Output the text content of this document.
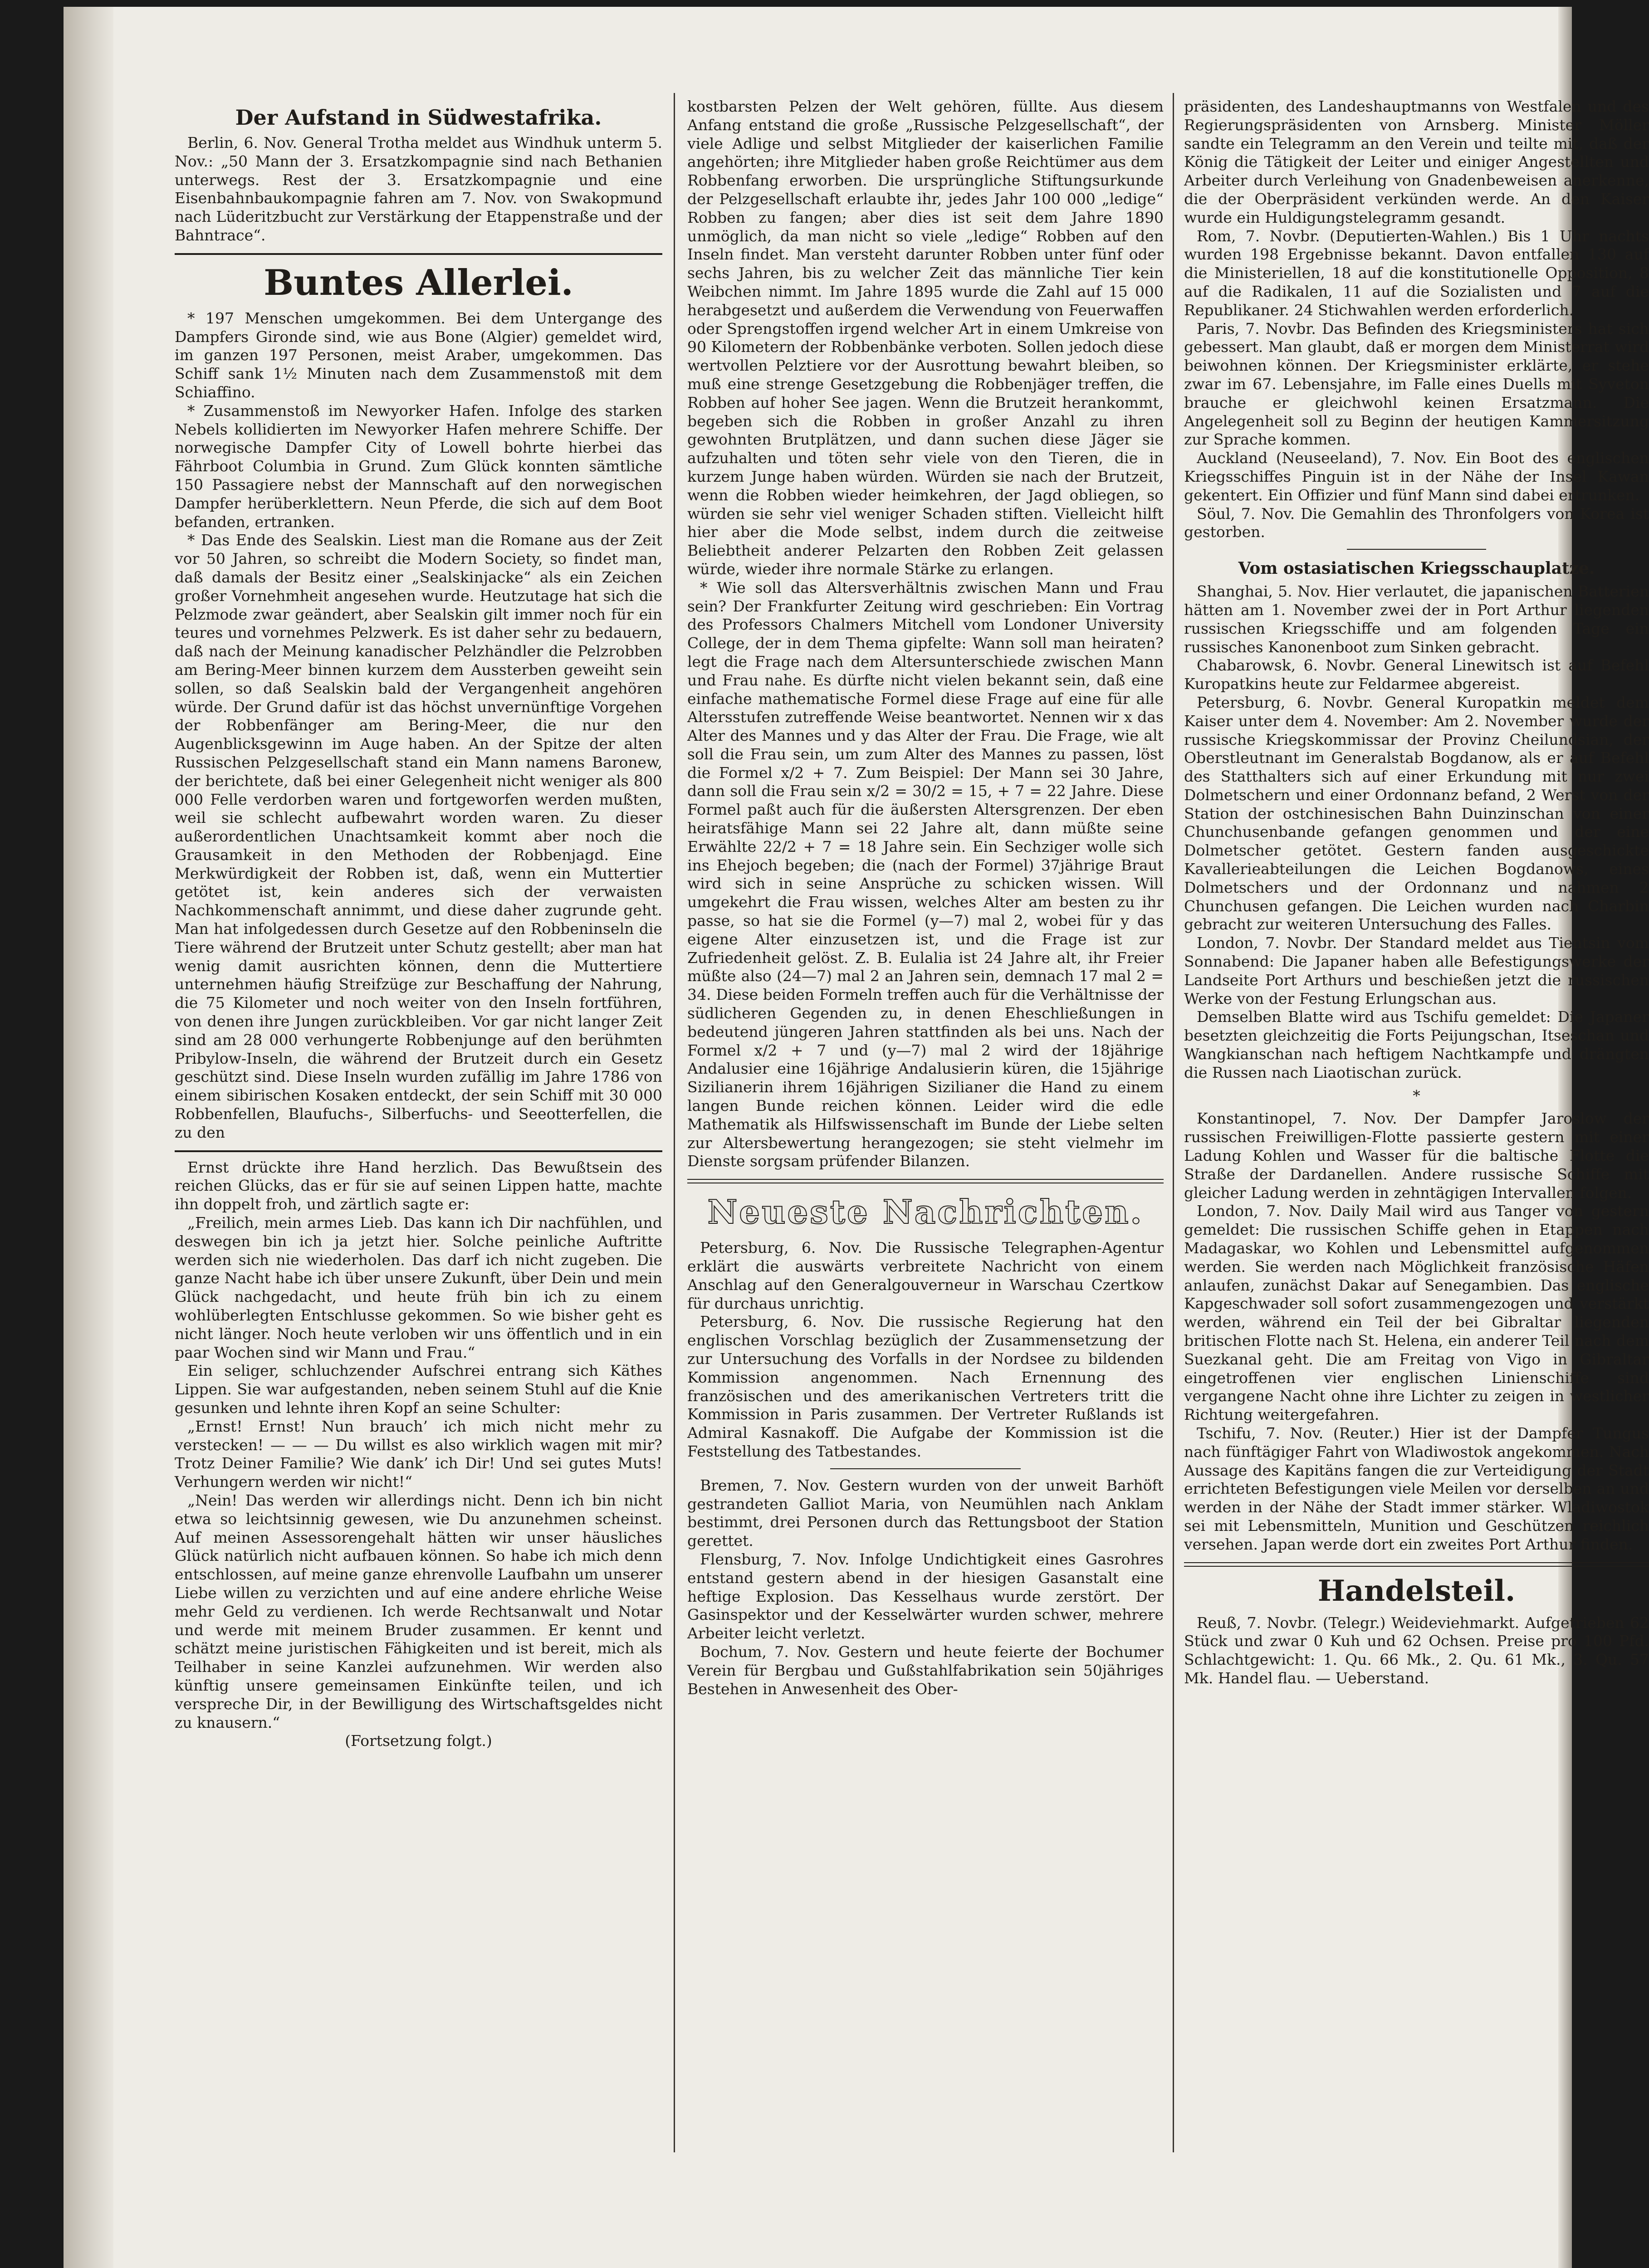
Der Aufstand in Südwestafrika.

Berlin, 6. Nov. General Trotha meldet aus Windhuk unterm 5. Nov.: „50 Mann der 3. Ersatzkompagnie sind nach Bethanien unterwegs. Rest der 3. Ersatzkompagnie und eine Eisenbahnbaukompagnie fahren am 7. Nov. von Swakopmund nach Lüderitzbucht zur Verstärkung der Etappenstraße und der Bahntrace“.

Buntes Allerlei.

* 197 Menschen umgekommen. Bei dem Untergange des Dampfers Gironde sind, wie aus Bone (Algier) gemeldet wird, im ganzen 197 Personen, meist Araber, umgekommen. Das Schiff sank 1½ Minuten nach dem Zusammenstoß mit dem Schiaffino.

* Zusammenstoß im Newyorker Hafen. Infolge des starken Nebels kollidierten im Newyorker Hafen mehrere Schiffe. Der norwegische Dampfer City of Lowell bohrte hierbei das Fährboot Columbia in Grund. Zum Glück konnten sämtliche 150 Passagiere nebst der Mannschaft auf den norwegischen Dampfer herüberklettern. Neun Pferde, die sich auf dem Boot befanden, ertranken.

* Das Ende des Sealskin. Liest man die Romane aus der Zeit vor 50 Jahren, so schreibt die Modern Society, so findet man, daß damals der Besitz einer „Sealskinjacke“ als ein Zeichen großer Vornehmheit angesehen wurde. Heutzutage hat sich die Pelzmode zwar geändert, aber Sealskin gilt immer noch für ein teures und vornehmes Pelzwerk. Es ist daher sehr zu bedauern, daß nach der Meinung kanadischer Pelzhändler die Pelzrobben am Bering-Meer binnen kurzem dem Aussterben geweiht sein sollen, so daß Sealskin bald der Vergangenheit angehören würde. Der Grund dafür ist das höchst unvernünftige Vorgehen der Robbenfänger am Bering-Meer, die nur den Augenblicksgewinn im Auge haben. An der Spitze der alten Russischen Pelzgesellschaft stand ein Mann namens Baronew, der berichtete, daß bei einer Gelegenheit nicht weniger als 800 000 Felle verdorben waren und fortgeworfen werden mußten, weil sie schlecht aufbewahrt worden waren. Zu dieser außerordentlichen Unachtsamkeit kommt aber noch die Grausamkeit in den Methoden der Robbenjagd. Eine Merkwürdigkeit der Robben ist, daß, wenn ein Muttertier getötet ist, kein anderes sich der verwaisten Nachkommenschaft annimmt, und diese daher zugrunde geht. Man hat infolgedessen durch Gesetze auf den Robbeninseln die Tiere während der Brutzeit unter Schutz gestellt; aber man hat wenig damit ausrichten können, denn die Muttertiere unternehmen häufig Streifzüge zur Beschaffung der Nahrung, die 75 Kilometer und noch weiter von den Inseln fortführen, von denen ihre Jungen zurückbleiben. Vor gar nicht langer Zeit sind am 28 000 verhungerte Robbenjunge auf den berühmten Pribylow-Inseln, die während der Brutzeit durch ein Gesetz geschützt sind. Diese Inseln wurden zufällig im Jahre 1786 von einem sibirischen Kosaken entdeckt, der sein Schiff mit 30 000 Robbenfellen, Blaufuchs-, Silberfuchs- und Seeotterfellen, die zu den

Ernst drückte ihre Hand herzlich. Das Bewußtsein des reichen Glücks, das er für sie auf seinen Lippen hatte, machte ihn doppelt froh, und zärtlich sagte er:

„Freilich, mein armes Lieb. Das kann ich Dir nachfühlen, und deswegen bin ich ja jetzt hier. Solche peinliche Auftritte werden sich nie wiederholen. Das darf ich nicht zugeben. Die ganze Nacht habe ich über unsere Zukunft, über Dein und mein Glück nachgedacht, und heute früh bin ich zu einem wohlüberlegten Entschlusse gekommen. So wie bisher geht es nicht länger. Noch heute verloben wir uns öffentlich und in ein paar Wochen sind wir Mann und Frau.“

Ein seliger, schluchzender Aufschrei entrang sich Käthes Lippen. Sie war aufgestanden, neben seinem Stuhl auf die Knie gesunken und lehnte ihren Kopf an seine Schulter:

„Ernst! Ernst! Nun brauch’ ich mich nicht mehr zu verstecken! — — — Du willst es also wirklich wagen mit mir? Trotz Deiner Familie? Wie dank’ ich Dir! Und sei gutes Muts! Verhungern werden wir nicht!“

„Nein! Das werden wir allerdings nicht. Denn ich bin nicht etwa so leichtsinnig gewesen, wie Du anzunehmen scheinst. Auf meinen Assessorengehalt hätten wir unser häusliches Glück natürlich nicht aufbauen können. So habe ich mich denn entschlossen, auf meine ganze ehrenvolle Laufbahn um unserer Liebe willen zu verzichten und auf eine andere ehrliche Weise mehr Geld zu verdienen. Ich werde Rechtsanwalt und Notar und werde mit meinem Bruder zusammen. Er kennt und schätzt meine juristischen Fähigkeiten und ist bereit, mich als Teilhaber in seine Kanzlei aufzunehmen. Wir werden also künftig unsere gemeinsamen Einkünfte teilen, und ich verspreche Dir, in der Bewilligung des Wirtschaftsgeldes nicht zu knausern.“

(Fortsetzung folgt.)

kostbarsten Pelzen der Welt gehören, füllte. Aus diesem Anfang entstand die große „Russische Pelzgesellschaft“, der viele Adlige und selbst Mitglieder der kaiserlichen Familie angehörten; ihre Mitglieder haben große Reichtümer aus dem Robbenfang erworben. Die ursprüngliche Stiftungsurkunde der Pelzgesellschaft erlaubte ihr, jedes Jahr 100 000 „ledige“ Robben zu fangen; aber dies ist seit dem Jahre 1890 unmöglich, da man nicht so viele „ledige“ Robben auf den Inseln findet. Man versteht darunter Robben unter fünf oder sechs Jahren, bis zu welcher Zeit das männliche Tier kein Weibchen nimmt. Im Jahre 1895 wurde die Zahl auf 15 000 herabgesetzt und außerdem die Verwendung von Feuerwaffen oder Sprengstoffen irgend welcher Art in einem Umkreise von 90 Kilometern der Robbenbänke verboten. Sollen jedoch diese wertvollen Pelztiere vor der Ausrottung bewahrt bleiben, so muß eine strenge Gesetzgebung die Robbenjäger treffen, die Robben auf hoher See jagen. Wenn die Brutzeit herankommt, begeben sich die Robben in großer Anzahl zu ihren gewohnten Brutplätzen, und dann suchen diese Jäger sie aufzuhalten und töten sehr viele von den Tieren, die in kurzem Junge haben würden. Würden sie nach der Brutzeit, wenn die Robben wieder heimkehren, der Jagd obliegen, so würden sie sehr viel weniger Schaden stiften. Vielleicht hilft hier aber die Mode selbst, indem durch die zeitweise Beliebtheit anderer Pelzarten den Robben Zeit gelassen würde, wieder ihre normale Stärke zu erlangen.

* Wie soll das Altersverhältnis zwischen Mann und Frau sein? Der Frankfurter Zeitung wird geschrieben: Ein Vortrag des Professors Chalmers Mitchell vom Londoner University College, der in dem Thema gipfelte: Wann soll man heiraten? legt die Frage nach dem Altersunterschiede zwischen Mann und Frau nahe. Es dürfte nicht vielen bekannt sein, daß eine einfache mathematische Formel diese Frage auf eine für alle Altersstufen zutreffende Weise beantwortet. Nennen wir x das Alter des Mannes und y das Alter der Frau. Die Frage, wie alt soll die Frau sein, um zum Alter des Mannes zu passen, löst die Formel x/2 + 7. Zum Beispiel: Der Mann sei 30 Jahre, dann soll die Frau sein x/2 = 30/2 = 15, + 7 = 22 Jahre. Diese Formel paßt auch für die äußersten Altersgrenzen. Der eben heiratsfähige Mann sei 22 Jahre alt, dann müßte seine Erwählte 22/2 + 7 = 18 Jahre sein. Ein Sechziger wolle sich ins Ehejoch begeben; die (nach der Formel) 37jährige Braut wird sich in seine Ansprüche zu schicken wissen. Will umgekehrt die Frau wissen, welches Alter am besten zu ihr passe, so hat sie die Formel (y—7) mal 2, wobei für y das eigene Alter einzusetzen ist, und die Frage ist zur Zufriedenheit gelöst. Z. B. Eulalia ist 24 Jahre alt, ihr Freier müßte also (24—7) mal 2 an Jahren sein, demnach 17 mal 2 = 34. Diese beiden Formeln treffen auch für die Verhältnisse der südlicheren Gegenden zu, in denen Eheschließungen in bedeutend jüngeren Jahren stattfinden als bei uns. Nach der Formel x/2 + 7 und (y—7) mal 2 wird der 18jährige Andalusier eine 16jährige Andalusierin küren, die 15jährige Sizilianerin ihrem 16jährigen Sizilianer die Hand zu einem langen Bunde reichen können. Leider wird die edle Mathematik als Hilfswissenschaft im Bunde der Liebe selten zur Altersbewertung herangezogen; sie steht vielmehr im Dienste sorgsam prüfender Bilanzen.

Neueste Nachrichten.

Petersburg, 6. Nov. Die Russische Telegraphen-Agentur erklärt die auswärts verbreitete Nachricht von einem Anschlag auf den Generalgouverneur in Warschau Czertkow für durchaus unrichtig.

Petersburg, 6. Nov. Die russische Regierung hat den englischen Vorschlag bezüglich der Zusammensetzung der zur Untersuchung des Vorfalls in der Nordsee zu bildenden Kommission angenommen. Nach Ernennung des französischen und des amerikanischen Vertreters tritt die Kommission in Paris zusammen. Der Vertreter Rußlands ist Admiral Kasnakoff. Die Aufgabe der Kommission ist die Feststellung des Tatbestandes.

Bremen, 7. Nov. Gestern wurden von der unweit Barhöft gestrandeten Galliot Maria, von Neumühlen nach Anklam bestimmt, drei Personen durch das Rettungsboot der Station gerettet.

Flensburg, 7. Nov. Infolge Undichtigkeit eines Gasrohres entstand gestern abend in der hiesigen Gasanstalt eine heftige Explosion. Das Kesselhaus wurde zerstört. Der Gasinspektor und der Kesselwärter wurden schwer, mehrere Arbeiter leicht verletzt.

Bochum, 7. Nov. Gestern und heute feierte der Bochumer Verein für Bergbau und Gußstahlfabrikation sein 50jähriges Bestehen in Anwesenheit des Ober-

präsidenten, des Landeshauptmanns von Westfalen und des Regierungspräsidenten von Arnsberg. Minister Möller sandte ein Telegramm an den Verein und teilte mit, daß der König die Tätigkeit der Leiter und einiger Angestellten und Arbeiter durch Verleihung von Gnadenbeweisen anerkenne, die der Oberpräsident verkünden werde. An den Kaiser wurde ein Huldigungstelegramm gesandt.

Rom, 7. Novbr. (Deputierten-Wahlen.) Bis 1 Uhr nachts wurden 198 Ergebnisse bekannt. Davon entfallen 130 auf die Ministeriellen, 18 auf die konstitutionelle Opposition, 8 auf die Radikalen, 11 auf die Sozialisten und 7 auf die Republikaner. 24 Stichwahlen werden erforderlich.

Paris, 7. Novbr. Das Befinden des Kriegsministers hat sich gebessert. Man glaubt, daß er morgen dem Ministerrat wird beiwohnen können. Der Kriegsminister erklärte, er stehe zwar im 67. Lebensjahre, im Falle eines Duells mit Syveton brauche er gleichwohl keinen Ersatzmann. Die Angelegenheit soll zu Beginn der heutigen Kammersitzung zur Sprache kommen.

Auckland (Neuseeland), 7. Nov. Ein Boot des englischen Kriegsschiffes Pinguin ist in der Nähe der Insel Kawan gekentert. Ein Offizier und fünf Mann sind dabei ertrunken.

Söul, 7. Nov. Die Gemahlin des Thronfolgers von Korea ist gestorben.

Vom ostasiatischen Kriegsschauplatze.

Shanghai, 5. Nov. Hier verlautet, die japanischen Batterien hätten am 1. November zwei der in Port Arthur liegenden russischen Kriegsschiffe und am folgenden Tage ein russisches Kanonenboot zum Sinken gebracht.

Chabarowsk, 6. Novbr. General Linewitsch ist auf Befehl Kuropatkins heute zur Feldarmee abgereist.

Petersburg, 6. Novbr. General Kuropatkin meldet dem Kaiser unter dem 4. November: Am 2. November wurde der russische Kriegskommissar der Provinz Cheilundsian, der Oberstleutnant im Generalstab Bogdanow, als er auf Befehl des Statthalters sich auf einer Erkundung mit nur zwei Dolmetschern und einer Ordonnanz befand, 2 Werst von der Station der ostchinesischen Bahn Duinzinschan von einer Chunchusenbande gefangen genommen und der eine Dolmetscher getötet. Gestern fanden ausgeschickte Kavallerieabteilungen die Leichen Bogdanows, eines Dolmetschers und der Ordonnanz und nahmen 2 Chunchusen gefangen. Die Leichen wurden nach Charbin gebracht zur weiteren Untersuchung des Falles.

London, 7. Novbr. Der Standard meldet aus Tientsin vom Sonnabend: Die Japaner haben alle Befestigungswerke der Landseite Port Arthurs und beschießen jetzt die russischen Werke von der Festung Erlungschan aus.

Demselben Blatte wird aus Tschifu gemeldet: Die Japaner besetzten gleichzeitig die Forts Peijungschan, Itseschan und Wangkianschan nach heftigem Nachtkampfe und drängten die Russen nach Liaotischan zurück.

*

Konstantinopel, 7. Nov. Der Dampfer Jaroslow der russischen Freiwilligen-Flotte passierte gestern mit einer Ladung Kohlen und Wasser für die baltische Flotte die Straße der Dardanellen. Andere russische Schiffe mit gleicher Ladung werden in zehntägigen Intervallen folgen.

London, 7. Nov. Daily Mail wird aus Tanger von gestern gemeldet: Die russischen Schiffe gehen in Etappen nach Madagaskar, wo Kohlen und Lebensmittel aufgenommen werden. Sie werden nach Möglichkeit französische Häfen anlaufen, zunächst Dakar auf Senegambien. Das englische Kapgeschwader soll sofort zusammengezogen und verstärkt werden, während ein Teil der bei Gibraltar liegenden britischen Flotte nach St. Helena, ein anderer Teil nach dem Suezkanal geht. Die am Freitag von Vigo in Gibraltar eingetroffenen vier englischen Linienschiffe sind vergangene Nacht ohne ihre Lichter zu zeigen in westlicher Richtung weitergefahren.

Tschifu, 7. Nov. (Reuter.) Hier ist der Dampfer Tungus nach fünftägiger Fahrt von Wladiwostok angekommen. Nach Aussage des Kapitäns fangen die zur Verteidigung der Stadt errichteten Befestigungen viele Meilen vor derselben an und werden in der Nähe der Stadt immer stärker. Wladiwostok sei mit Lebensmitteln, Munition und Geschützen reichlich versehen. Japan werde dort ein zweites Port Arthur finden.

Handelsteil.

Reuß, 7. Novbr. (Telegr.) Weideviehmarkt. Aufgetrieben 62 Stück und zwar 0 Kuh und 62 Ochsen. Preise pro 100 Pfd. Schlachtgewicht: 1. Qu. 66 Mk., 2. Qu. 61 Mk., 3. Qu. 57 Mk. Handel flau. — Ueberstand.
